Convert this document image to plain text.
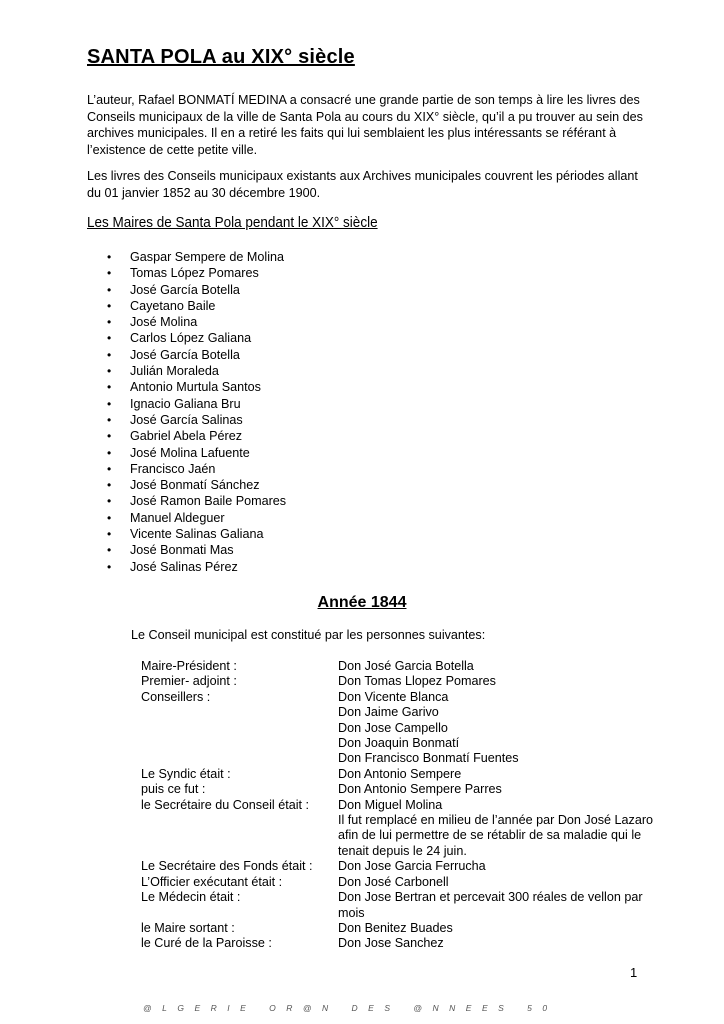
SANTA POLA au XIX° siècle
L’auteur, Rafael BONMATÍ MEDINA a consacré une grande partie de son temps à lire les livres des Conseils municipaux de la ville de Santa Pola au cours du XIX° siècle, qu’il a pu trouver au sein des archives municipales. Il en a retiré les faits qui lui semblaient les plus intéressants se référant à l’existence de cette petite ville.
Les livres des Conseils municipaux existants aux Archives municipales couvrent les périodes allant du 01 janvier 1852 au 30 décembre 1900.
Les Maires de Santa Pola pendant le XIX° siècle
• Gaspar Sempere de Molina
• Tomas López Pomares
• José García Botella
• Cayetano Baile
• José Molina
• Carlos López Galiana
• José García Botella
• Julián Moraleda
• Antonio Murtula Santos
• Ignacio Galiana Bru
• José García Salinas
• Gabriel Abela Pérez
• José Molina Lafuente
• Francisco Jaén
• José Bonmatí Sánchez
• José Ramon Baile Pomares
• Manuel Aldeguer
• Vicente Salinas Galiana
• José Bonmati Mas
• José Salinas Pérez
Année 1844
Le Conseil municipal est constitué par les personnes suivantes:
Maire-Président :	Don José Garcia Botella
Premier- adjoint :	Don Tomas Llopez Pomares
Conseillers :	Don Vicente Blanca
Don Jaime Garivo
Don Jose Campello
Don Joaquin Bonmatí
Don Francisco Bonmatí Fuentes
Le Syndic était :	Don Antonio Sempere
puis ce fut :	Don Antonio Sempere Parres
le Secrétaire du Conseil était :	Don Miguel Molina
Il fut remplacé en milieu de l’année par Don José Lazaro afin de lui permettre de se rétablir de sa maladie qui le tenait depuis le 24 juin.
Le Secrétaire des Fonds était :	Don Jose Garcia Ferrucha
L’Officier exécutant était :	Don José Carbonell
Le Médecin était :	Don Jose Bertran et percevait 300 réales de vellon par mois
le Maire sortant :	Don Benitez Buades
le Curé de la Paroisse :	Don Jose Sanchez
1
@LGERIE OR@N DES @NNEES 50
